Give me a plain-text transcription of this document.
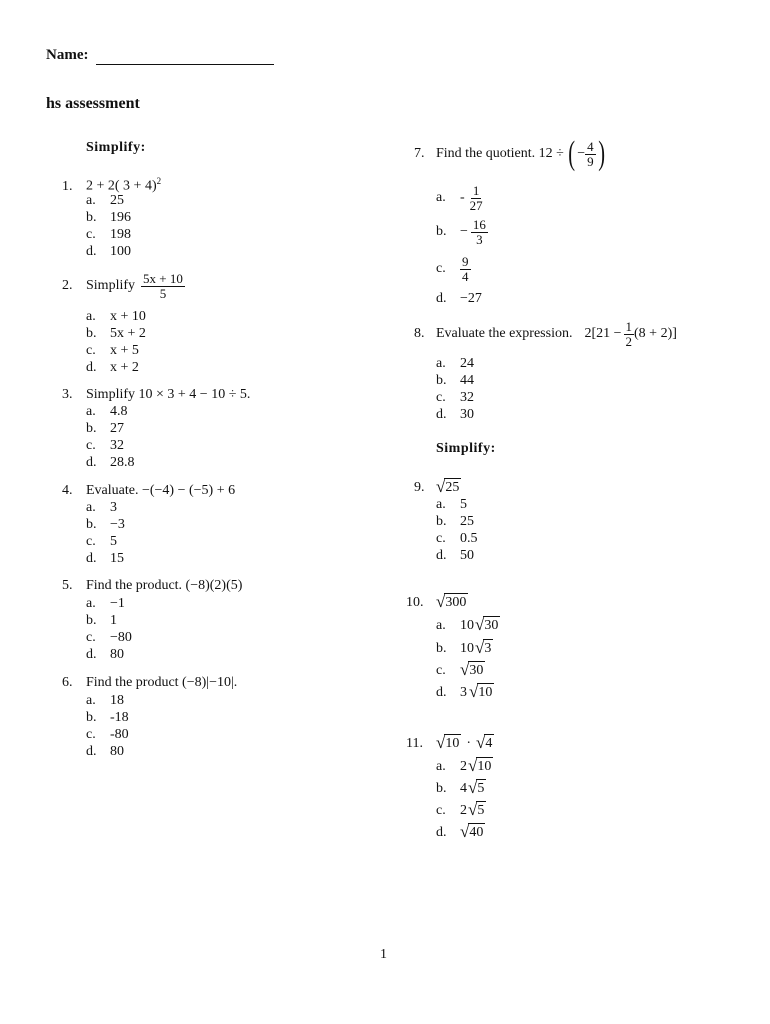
Name:
hs assessment
Simplify:
1. 2 + 2( 3 + 4)$^2$
a. 25
b. 196
c. 198
d. 100
2. Simplify $\frac{5x + 10}{5}$
a. x + 10
b. 5x + 2
c. x + 5
d. x + 2
3. Simplify 10 × 3 + 4 − 10 ÷ 5.
a. 4.8
b. 27
c. 32
d. 28.8
4. Evaluate. −(−4) − (−5) + 6
a. 3
b. −3
c. 5
d. 15
5. Find the product. (−8)(2)(5)
a. −1
b. 1
c. −80
d. 80
6. Find the product (−8)|−10|.
a. 18
b. -18
c. -80
d. 80
7. Find the quotient. 12 ÷ ( − $\frac{4}{9}$ )
a.	- $\frac{1}{27}$
b. − $\frac{16}{3}$
c.	$\frac{9}{4}$
d. −27
8. Evaluate the expression. $2[21 - \frac{1}{2} (8 + 2)]$
a. 24
b. 44
c. 32
d. 30
Simplify:
9. √ 25
a. 5
b. 25
c. 0.5
d. 50
10. √ 300
a.	10 √ 30
b. 10 √ 3
c. √ 30
d. 3 √ 10
11. √ 10 · √ 4
a.	2 √ 10
b. 4 √ 5
c.	2 √ 5
d. √ 40
1
